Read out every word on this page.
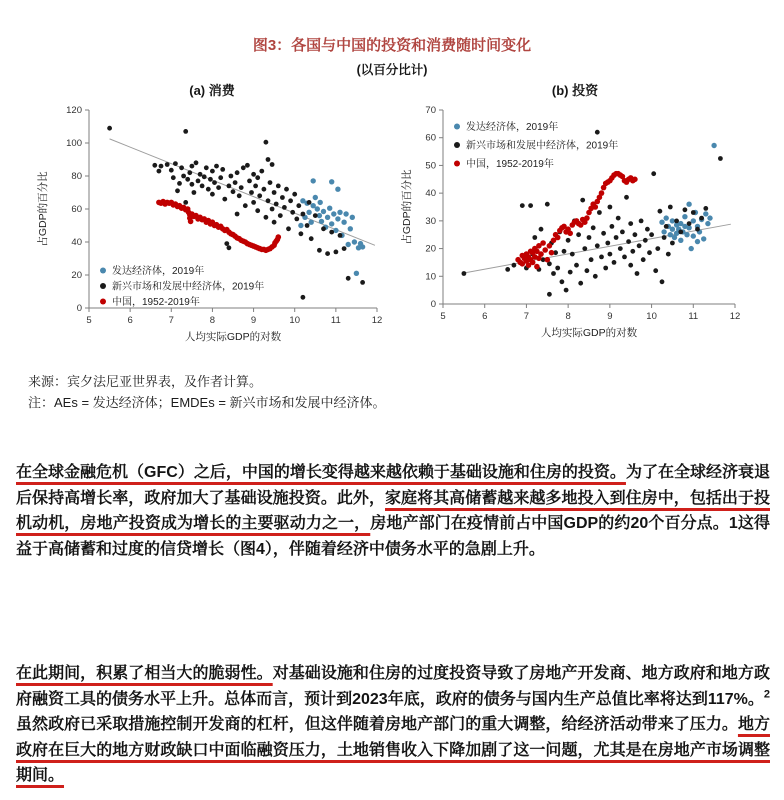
图3：各国与中国的投资和消费随时间变化
(以百分比计)
(a) 消费
0
20
40
60
80
100
120
5	6	7	8	9	10	11	12
人均实际GDP的对数
占GDP的百分比
发达经济体，2019年
新兴市场和发展中经济体，2019年
中国，1952-2019年
(b) 投资
0
10
20
30
40
50
60
70
5	6	7	8	9	10	11	12
人均实际GDP的对数
占GDP的百分比
发达经济体，2019年
新兴市场和发展中经济体，2019年
中国，1952-2019年
来源：宾夕法尼亚世界表，及作者计算。
注：AEs = 发达经济体；EMDEs = 新兴市场和发展中经济体。

在全球金融危机（GFC）之后，中国的增长变得越来越依赖于基础设施和住房的投资。为了在全球经济衰退后保持高增长率，政府加大了基础设施投资。此外，家庭将其高储蓄越来越多地投入到住房中，包括出于投机动机，房地产投资成为增长的主要驱动力之一，房地产部门在疫情前占中国GDP的约20个百分点。1这得益于高储蓄和过度的信贷增长（图4），伴随着经济中债务水平的急剧上升。

在此期间，积累了相当大的脆弱性。对基础设施和住房的过度投资导致了房地产开发商、地方政府和地方政府融资工具的债务水平上升。总体而言，预计到2023年底，政府的债务与国内生产总值比率将达到117%。$^2$虽然政府已采取措施控制开发商的杠杆，但这伴随着房地产部门的重大调整，给经济活动带来了压力。地方政府在巨大的地方财政缺口中面临融资压力，土地销售收入下降加剧了这一问题，尤其是在房地产市场调整期间。
